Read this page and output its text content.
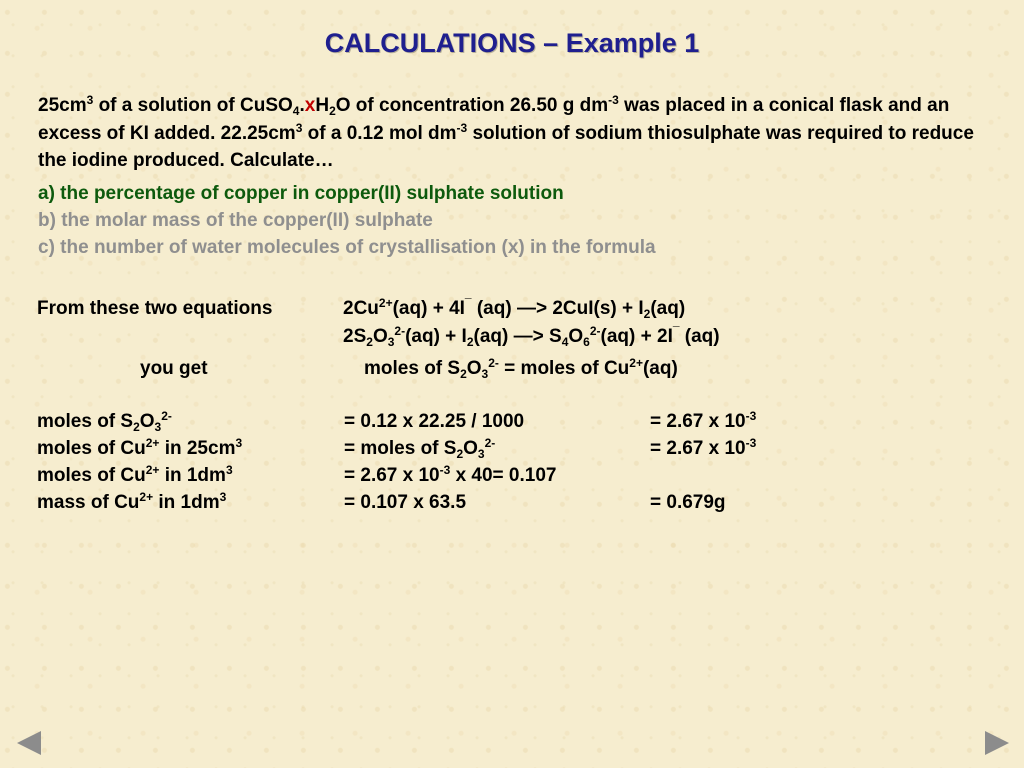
CALCULATIONS – Example 1
$25cm^3$ of a solution of $CuSO_4.xH_2O$ of concentration 26.50 g $dm^{-3}$ was placed in a conical flask and an excess of KI added. $22.25cm^3$ of a 0.12 mol $dm^{-3}$ solution of sodium thiosulphate was required to reduce the iodine produced. Calculate…
a) the percentage of copper in copper(II) sulphate solution
b) the molar mass of the copper(II) sulphate
c) the number of water molecules of crystallisation (x) in the formula
From these two equations	$2Cu^{2+}(aq) + 4I^¯$ (aq) —> $2CuI(s) + I_2(aq)$
$2S_2O_3^{2-}(aq) + I_2(aq)$ —> $S_4O_6^{2-}(aq) + 2I^¯$ (aq)
you get	moles of $S_2O_3^{2-}$ = moles of $Cu^{2+}(aq)$
moles of $S_2O_3^{2-}$	= 0.12 x 22.25 / 1000	= 2.67 x $10^{-3}$
moles of $Cu^{2+}$ in $25cm^3$	= moles of $S_2O_3^{2-}$	= 2.67 x $10^{-3}$
moles of $Cu^{2+}$ in $1dm^3$	= 2.67 x $10^{-3}$ x 40= 0.107
mass of $Cu^{2+}$ in $1dm^3$	= 0.107 x 63.5	= 0.679g
